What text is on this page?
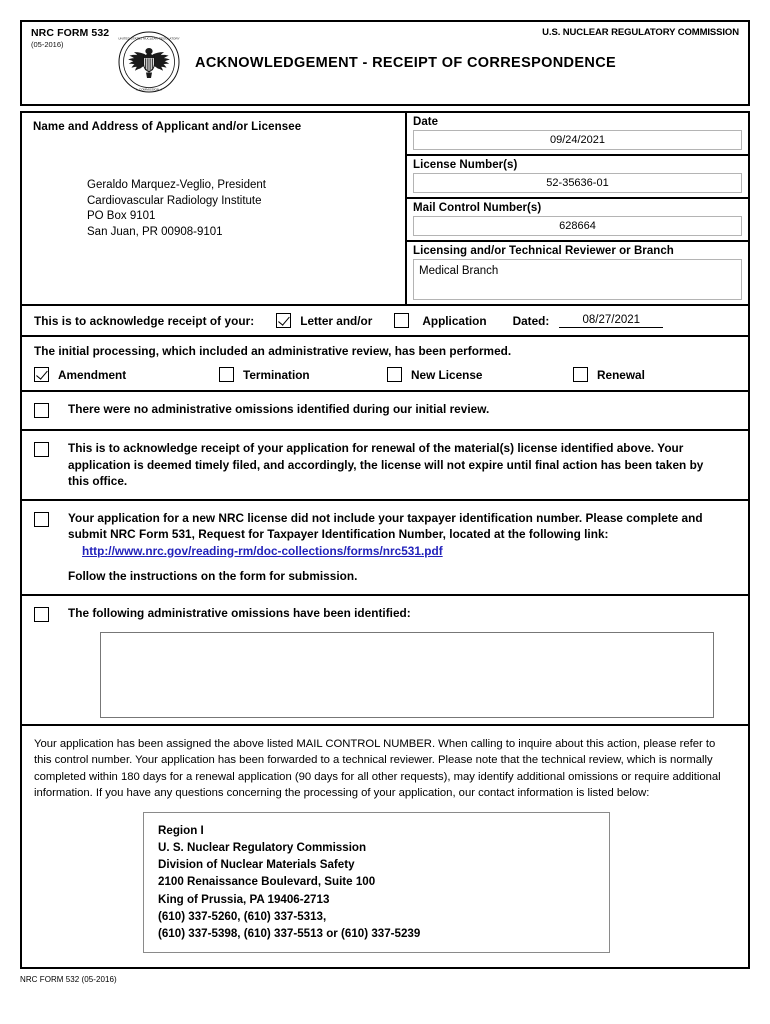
NRC FORM 532
(05-2016)
U.S. NUCLEAR REGULATORY COMMISSION
UNITED STATES NUCLEAR REGULATORY
★ COMMISSION ★
ACKNOWLEDGEMENT - RECEIPT OF CORRESPONDENCE
Name and Address of Applicant and/or Licensee
Geraldo Marquez-Veglio, President
Cardiovascular Radiology Institute
PO Box 9101
San Juan, PR 00908-9101
Date
09/24/2021
License Number(s)
52-35636-01
Mail Control Number(s)
628664
Licensing and/or Technical Reviewer or Branch
Medical Branch
This is to acknowledge receipt of your:	Letter and/or	Application Dated:	08/27/2021
The initial processing, which included an administrative review, has been performed.
Amendment	Termination	New License	Renewal
There were no administrative omissions identified during our initial review.
This is to acknowledge receipt of your application for renewal of the material(s) license identified above. Your application is deemed timely filed, and accordingly, the license will not expire until final action has been taken by this office.
Your application for a new NRC license did not include your taxpayer identification number. Please complete and submit NRC Form 531, Request for Taxpayer Identification Number, located at the following link: http://www.nrc.gov/reading-rm/doc-collections/forms/nrc531.pdf
Follow the instructions on the form for submission.
The following administrative omissions have been identified:
Your application has been assigned the above listed MAIL CONTROL NUMBER. When calling to inquire about this action, please refer to this control number. Your application has been forwarded to a technical reviewer. Please note that the technical review, which is normally completed within 180 days for a renewal application (90 days for all other requests), may identify additional omissions or require additional information. If you have any questions concerning the processing of your application, our contact information is listed below:
Region I
U. S. Nuclear Regulatory Commission
Division of Nuclear Materials Safety
2100 Renaissance Boulevard, Suite 100
King of Prussia, PA 19406-2713
(610) 337-5260, (610) 337-5313,
(610) 337-5398, (610) 337-5513 or (610) 337-5239
NRC FORM 532 (05-2016)
